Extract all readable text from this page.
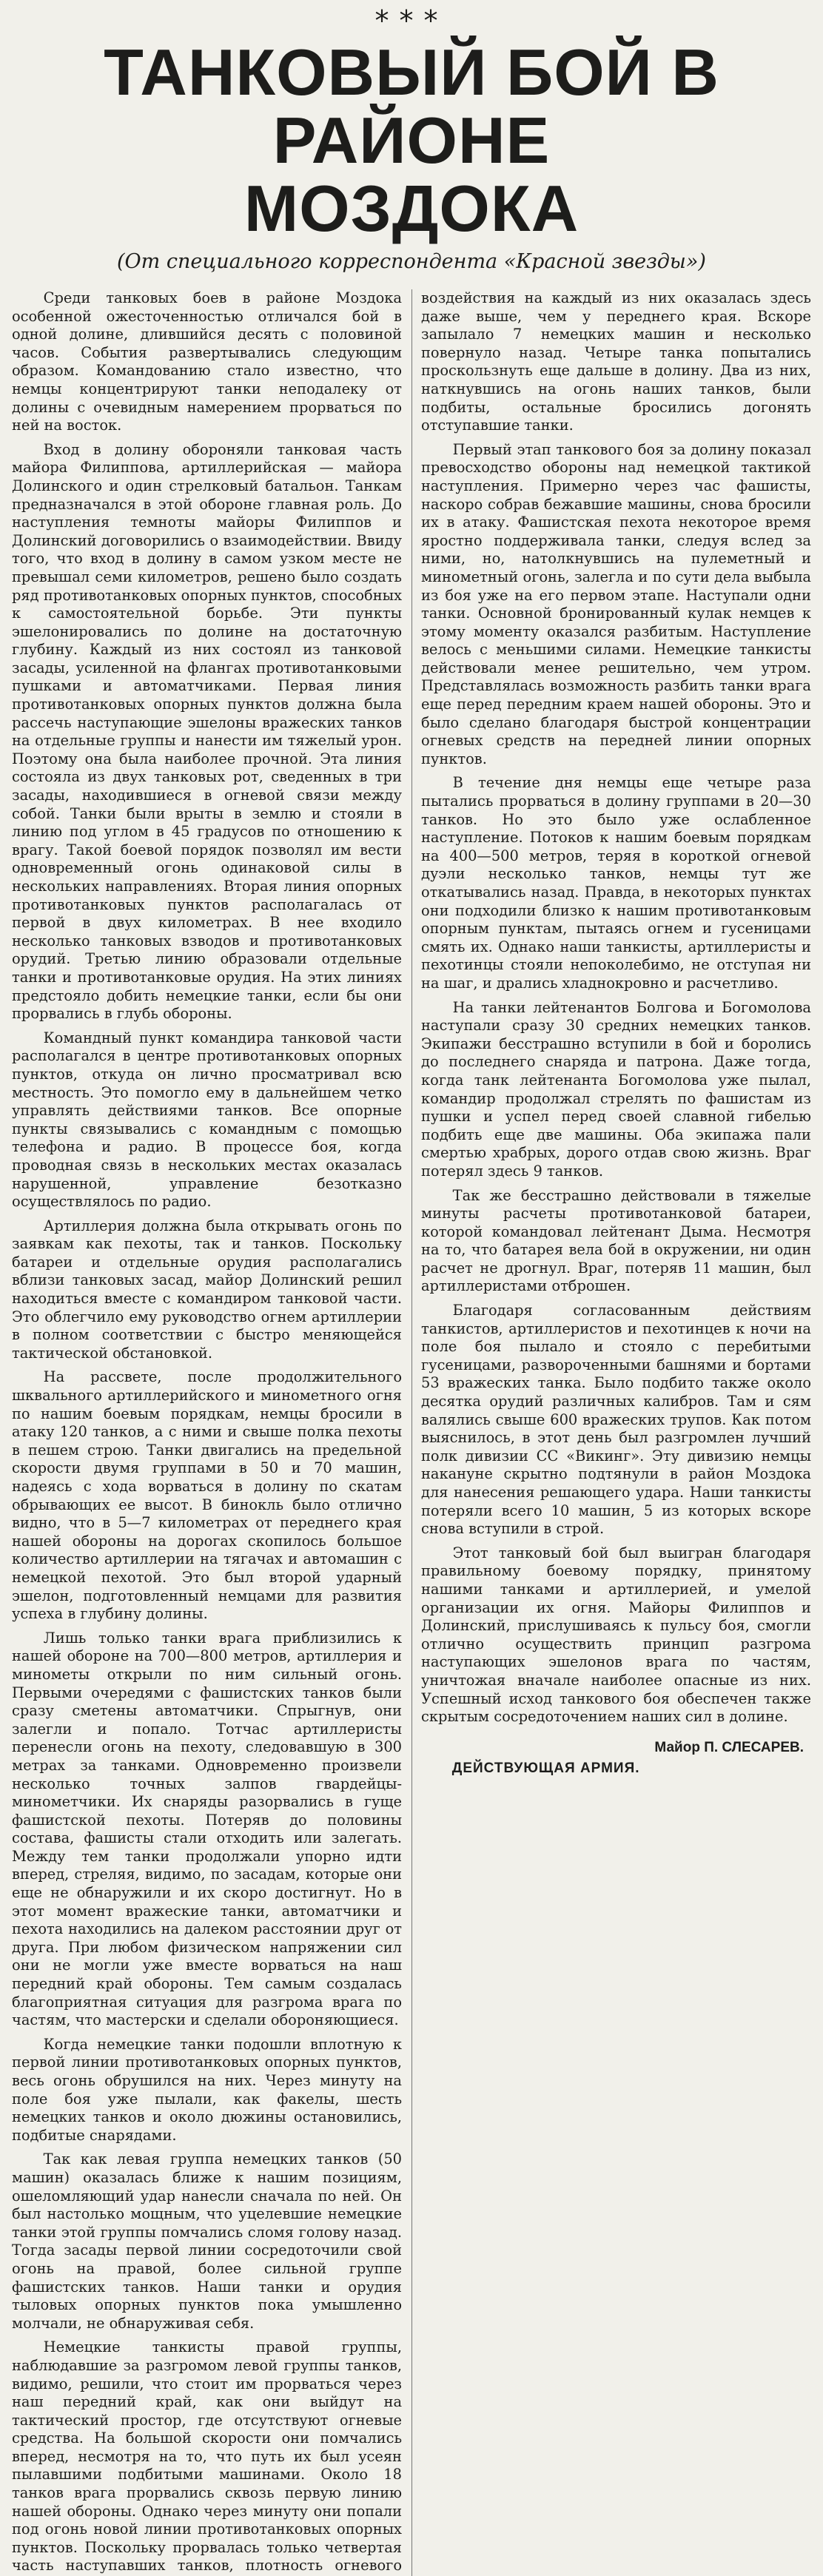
***
ТАНКОВЫЙ БОЙ В РАЙОНЕ
МОЗДОКА
(От специального корреспондента «Красной звезды»)

Среди танковых боев в районе Моздока особенной ожесточенностью отличался бой в одной долине, длившийся десять с половиной часов. События развертывались следующим образом. Командованию стало известно, что немцы концентрируют танки неподалеку от долины с очевидным намерением прорваться по ней на восток.

Вход в долину обороняли танковая часть майора Филиппова, артиллерийская — майора Долинского и один стрелковый батальон. Танкам предназначался в этой обороне главная роль. До наступления темноты майоры Филиппов и Долинский договорились о взаимодействии. Ввиду того, что вход в долину в самом узком месте не превышал семи километров, решено было создать ряд противотанковых опорных пунктов, способных к самостоятельной борьбе. Эти пункты эшелонировались по долине на достаточную глубину. Каждый из них состоял из танковой засады, усиленной на флангах противотанковыми пушками и автоматчиками. Первая линия противотанковых опорных пунктов должна была рассечь наступающие эшелоны вражеских танков на отдельные группы и нанести им тяжелый урон. Поэтому она была наиболее прочной. Эта линия состояла из двух танковых рот, сведенных в три засады, находившиеся в огневой связи между собой. Танки были врыты в землю и стояли в линию под углом в 45 градусов по отношению к врагу. Такой боевой порядок позволял им вести одновременный огонь одинаковой силы в нескольких направлениях. Вторая линия опорных противотанковых пунктов располагалась от первой в двух километрах. В нее входило несколько танковых взводов и противотанковых орудий. Третью линию образовали отдельные танки и противотанковые орудия. На этих линиях предстояло добить немецкие танки, если бы они прорвались в глубь обороны.

Командный пункт командира танковой части располагался в центре противотанковых опорных пунктов, откуда он лично просматривал всю местность. Это помогло ему в дальнейшем четко управлять действиями танков. Все опорные пункты связывались с командным с помощью телефона и радио. В процессе боя, когда проводная связь в нескольких местах оказалась нарушенной, управление безотказно осуществлялось по радио.

Артиллерия должна была открывать огонь по заявкам как пехоты, так и танков. Поскольку батареи и отдельные орудия располагались вблизи танковых засад, майор Долинский решил находиться вместе с командиром танковой части. Это облегчило ему руководство огнем артиллерии в полном соответствии с быстро меняющейся тактической обстановкой.

На рассвете, после продолжительного шквального артиллерийского и минометного огня по нашим боевым порядкам, немцы бросили в атаку 120 танков, а с ними и свыше полка пехоты в пешем строю. Танки двигались на предельной скорости двумя группами в 50 и 70 машин, надеясь с хода ворваться в долину по скатам обрывающих ее высот. В бинокль было отлично видно, что в 5—7 километрах от переднего края нашей обороны на дорогах скопилось большое количество артиллерии на тягачах и автомашин с немецкой пехотой. Это был второй ударный эшелон, подготовленный немцами для развития успеха в глубину долины.

Лишь только танки врага приблизились к нашей обороне на 700—800 метров, артиллерия и минометы открыли по ним сильный огонь. Первыми очередями с фашистских танков были сразу сметены автоматчики. Спрыгнув, они залегли и попало. Тотчас артиллеристы перенесли огонь на пехоту, следовавшую в 300 метрах за танками. Одновременно произвели несколько точных залпов гвардейцы-минометчики. Их снаряды разорвались в гуще фашистской пехоты. Потеряв до половины состава, фашисты стали отходить или залегать. Между тем танки продолжали упорно идти вперед, стреляя, видимо, по засадам, которые они еще не обнаружили и их скоро достигнут. Но в этот момент вражеские танки, автоматчики и пехота находились на далеком расстоянии друг от друга. При любом физическом напряжении сил они не могли уже вместе ворваться на наш передний край обороны. Тем самым создалась благоприятная ситуация для разгрома врага по частям, что мастерски и сделали обороняющиеся.

Когда немецкие танки подошли вплотную к первой линии противотанковых опорных пунктов, весь огонь обрушился на них. Через минуту на поле боя уже пылали, как факелы, шесть немецких танков и около дюжины остановились, подбитые снарядами.

Так как левая группа немецких танков (50 машин) оказалась ближе к нашим позициям, ошеломляющий удар нанесли сначала по ней. Он был настолько мощным, что уцелевшие немецкие танки этой группы помчались сломя голову назад. Тогда засады первой линии сосредоточили свой огонь на правой, более сильной группе фашистских танков. Наши танки и орудия тыловых опорных пунктов пока умышленно молчали, не обнаруживая себя.

Немецкие танкисты правой группы, наблюдавшие за разгромом левой группы танков, видимо, решили, что стоит им прорваться через наш передний край, как они выйдут на тактический простор, где отсутствуют огневые средства. На большой скорости они помчались вперед, несмотря на то, что путь их был усеян пылавшими подбитыми машинами. Около 18 танков врага прорвались сквозь первую линию нашей обороны. Однако через минуту они попали под огонь новой линии противотанковых опорных пунктов. Поскольку прорвалась только четвертая часть наступавших танков, плотность огневого воздействия на каждый из них оказалась здесь даже выше, чем у переднего края. Вскоре запылало 7 немецких машин и несколько повернуло назад. Четыре танка попытались проскользнуть еще дальше в долину. Два из них, наткнувшись на огонь наших танков, были подбиты, остальные бросились догонять отступавшие танки.

Первый этап танкового боя за долину показал превосходство обороны над немецкой тактикой наступления. Примерно через час фашисты, наскоро собрав бежавшие машины, снова бросили их в атаку. Фашистская пехота некоторое время яростно поддерживала танки, следуя вслед за ними, но, натолкнувшись на пулеметный и минометный огонь, залегла и по сути дела выбыла из боя уже на его первом этапе. Наступали одни танки. Основной бронированный кулак немцев к этому моменту оказался разбитым. Наступление велось с меньшими силами. Немецкие танкисты действовали менее решительно, чем утром. Представлялась возможность разбить танки врага еще перед передним краем нашей обороны. Это и было сделано благодаря быстрой концентрации огневых средств на передней линии опорных пунктов.

В течение дня немцы еще четыре раза пытались прорваться в долину группами в 20—30 танков. Но это было уже ослабленное наступление. Потоков к нашим боевым порядкам на 400—500 метров, теряя в короткой огневой дуэли несколько танков, немцы тут же откатывались назад. Правда, в некоторых пунктах они подходили близко к нашим противотанковым опорным пунктам, пытаясь огнем и гусеницами смять их. Однако наши танкисты, артиллеристы и пехотинцы стояли непоколебимо, не отступая ни на шаг, и дрались хладнокровно и расчетливо.

На танки лейтенантов Болгова и Богомолова наступали сразу 30 средних немецких танков. Экипажи бесстрашно вступили в бой и боролись до последнего снаряда и патрона. Даже тогда, когда танк лейтенанта Богомолова уже пылал, командир продолжал стрелять по фашистам из пушки и успел перед своей славной гибелью подбить еще две машины. Оба экипажа пали смертью храбрых, дорого отдав свою жизнь. Враг потерял здесь 9 танков.

Так же бесстрашно действовали в тяжелые минуты расчеты противотанковой батареи, которой командовал лейтенант Дыма. Несмотря на то, что батарея вела бой в окружении, ни один расчет не дрогнул. Враг, потеряв 11 машин, был артиллеристами отброшен.

Благодаря согласованным действиям танкистов, артиллеристов и пехотинцев к ночи на поле боя пылало и стояло с перебитыми гусеницами, развороченными башнями и бортами 53 вражеских танка. Было подбито также около десятка орудий различных калибров. Там и сям валялись свыше 600 вражеских трупов. Как потом выяснилось, в этот день был разгромлен лучший полк дивизии СС «Викинг». Эту дивизию немцы накануне скрытно подтянули в район Моздока для нанесения решающего удара. Наши танкисты потеряли всего 10 машин, 5 из которых вскоре снова вступили в строй.

Этот танковый бой был выигран благодаря правильному боевому порядку, принятому нашими танками и артиллерией, и умелой организации их огня. Майоры Филиппов и Долинский, прислушиваясь к пульсу боя, смогли отлично осуществить принцип разгрома наступающих эшелонов врага по частям, уничтожая вначале наиболее опасные из них. Успешный исход танкового боя обеспечен также скрытым сосредоточением наших сил в долине.

Майор П. СЛЕСАРЕВ.
ДЕЙСТВУЮЩАЯ АРМИЯ.
